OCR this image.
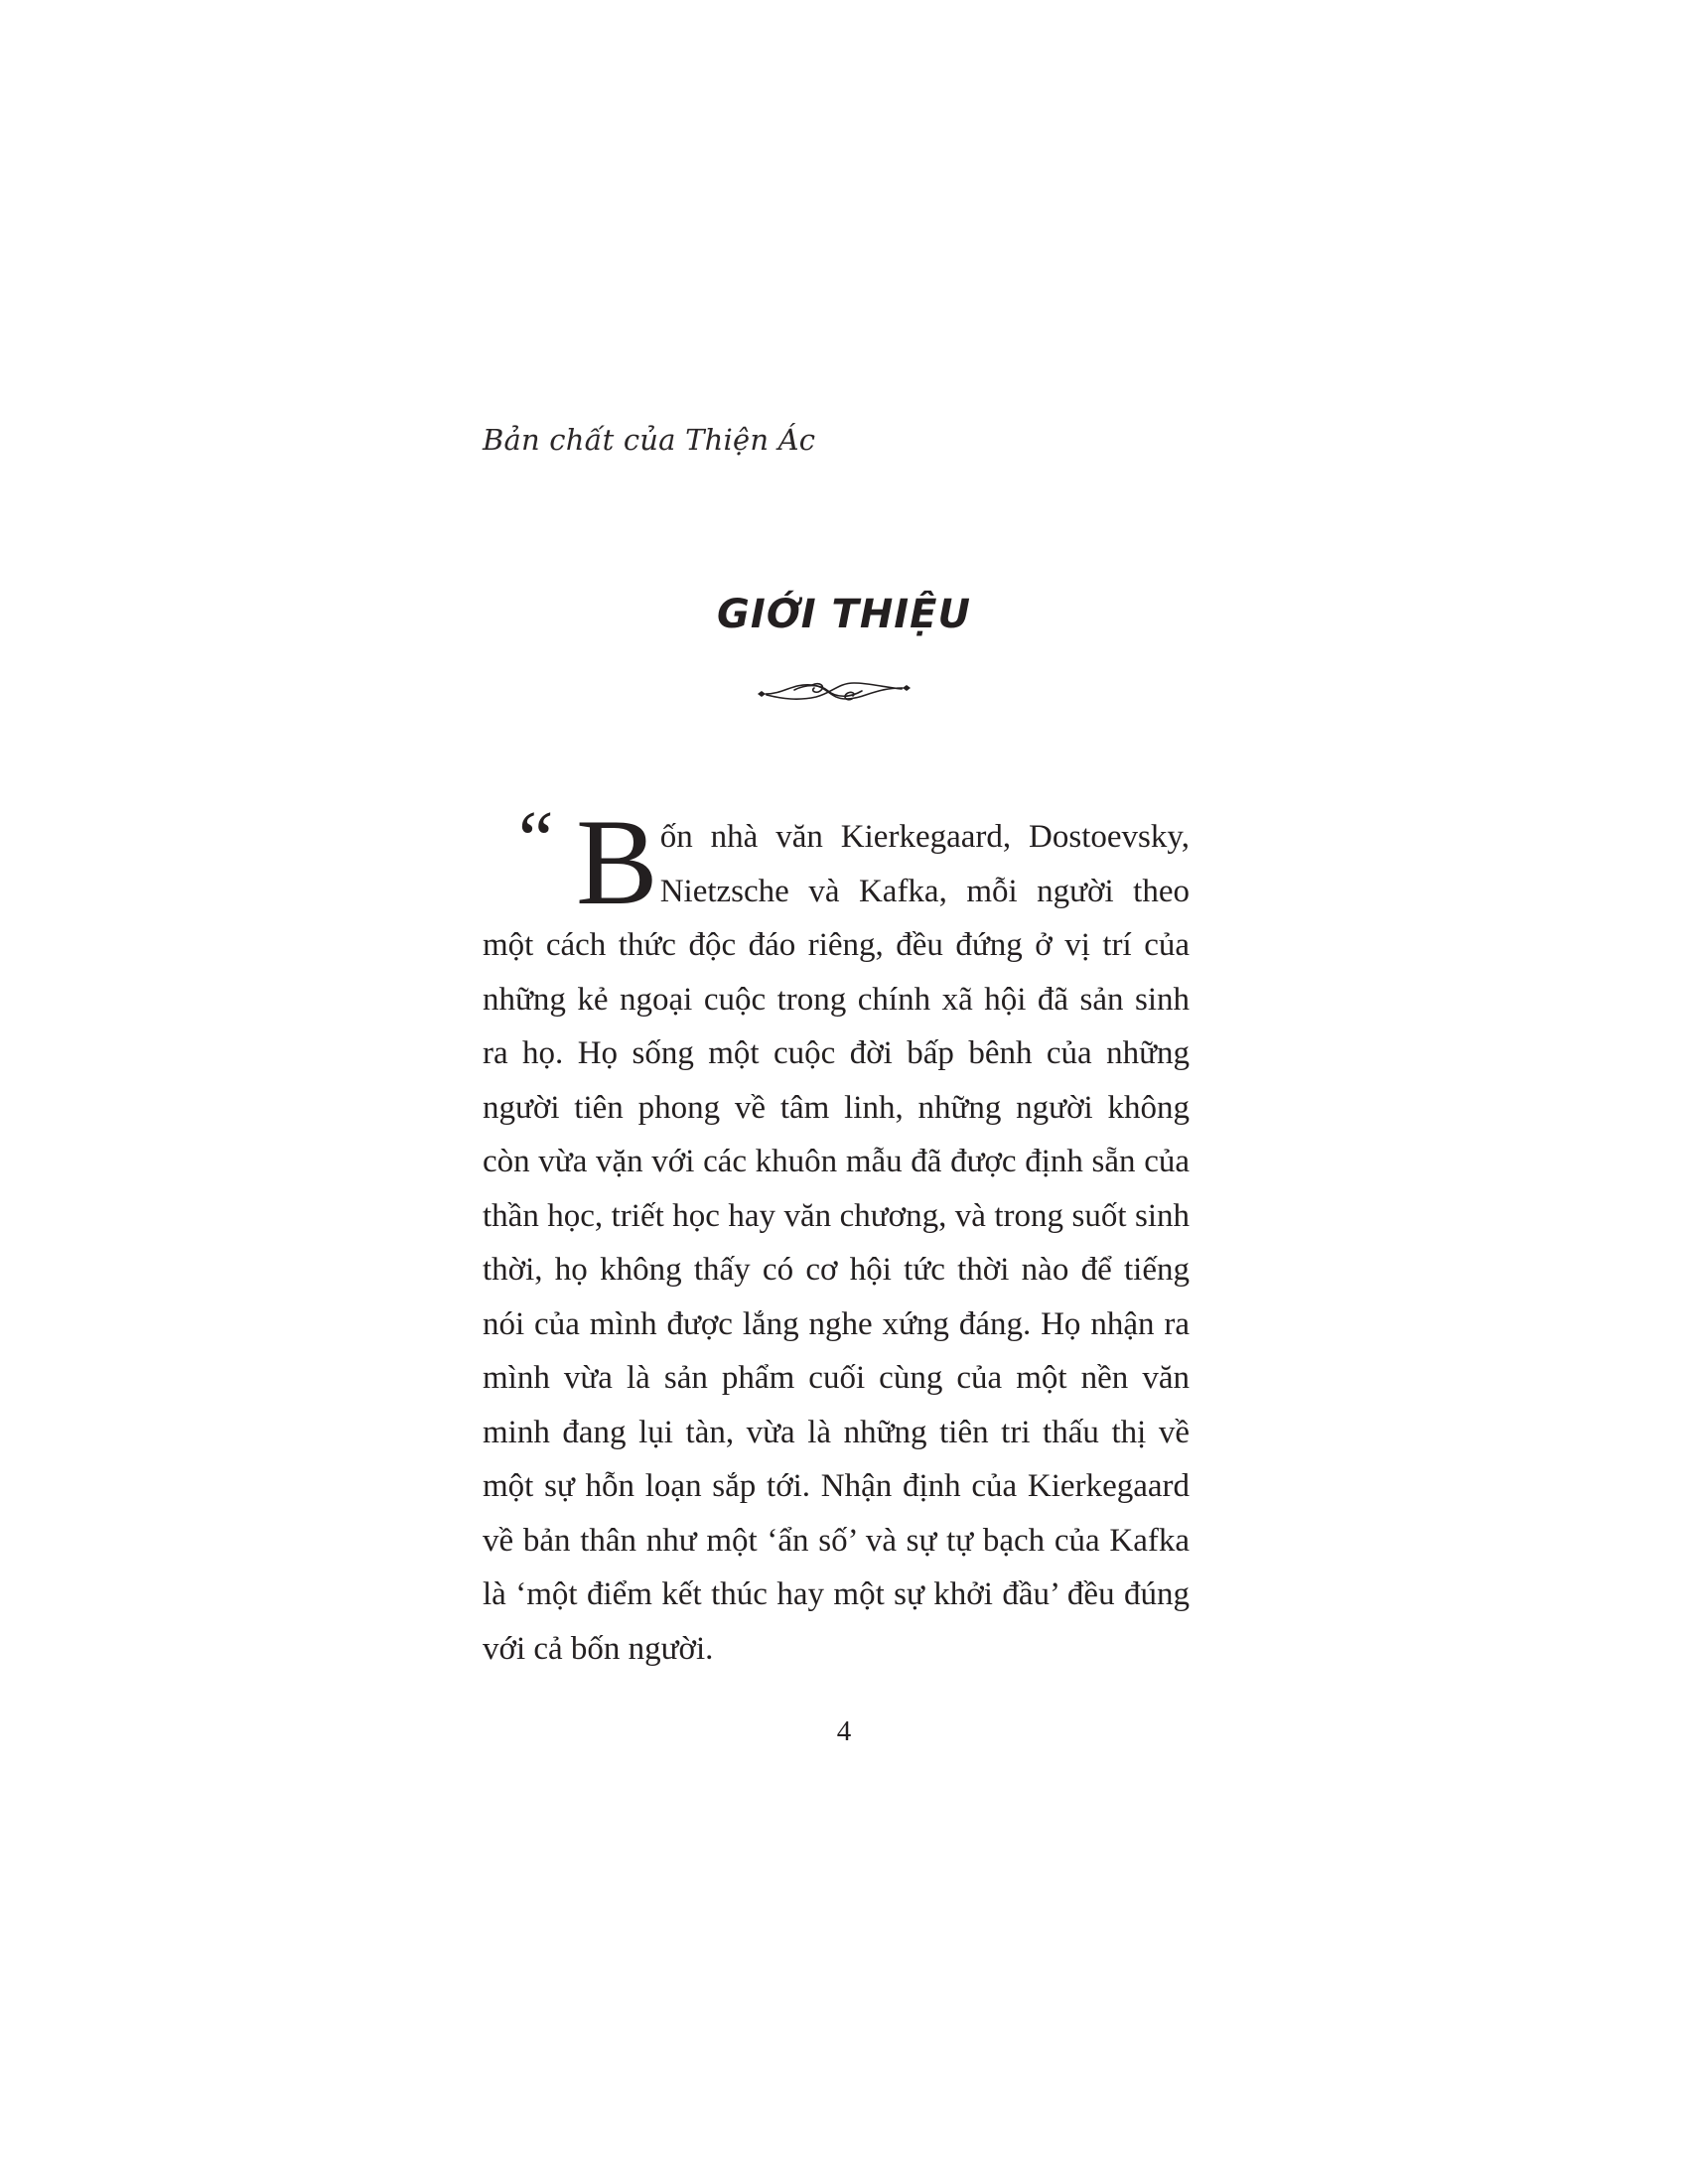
Bản chất của Thiện Ác

GIỚI THIỆU
“ Bốn nhà văn Kierkegaard, Dostoevsky, Nietzsche và Kafka, mỗi người theo một cách thức độc đáo riêng, đều đứng ở vị trí của những kẻ ngoại cuộc trong chính xã hội đã sản sinh ra họ. Họ sống một cuộc đời bấp bênh của những người tiên phong về tâm linh, những người không còn vừa vặn với các khuôn mẫu đã được định sẵn của thần học, triết học hay văn chương, và trong suốt sinh thời, họ không thấy có cơ hội tức thời nào để tiếng nói của mình được lắng nghe xứng đáng. Họ nhận ra mình vừa là sản phẩm cuối cùng của một nền văn minh đang lụi tàn, vừa là những tiên tri thấu thị về một sự hỗn loạn sắp tới. Nhận định của Kierkegaard về bản thân như một ‘ẩn số’ và sự tự bạch của Kafka là ‘một điểm kết thúc hay một sự khởi đầu’ đều đúng với cả bốn người.

4
